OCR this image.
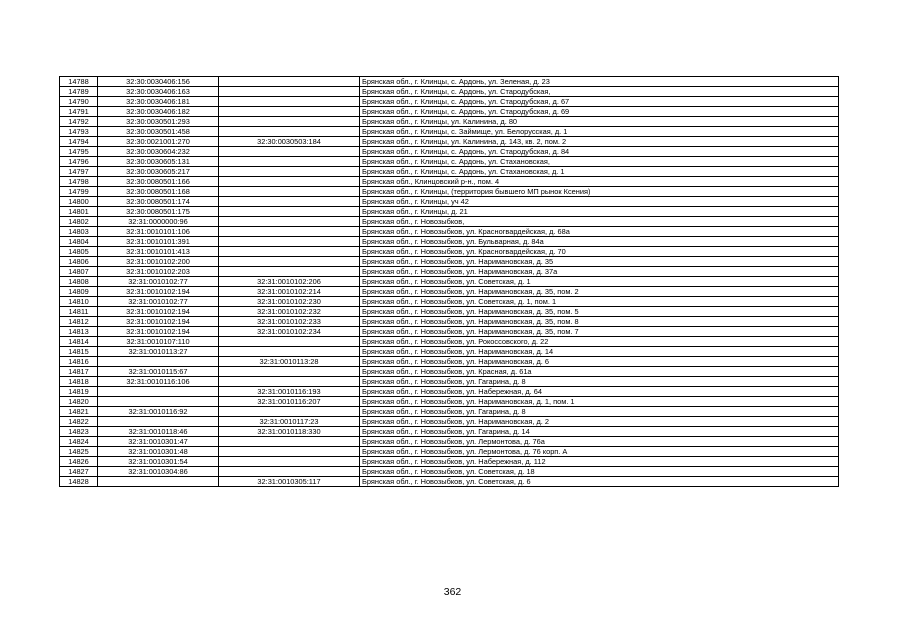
14788	32:30:0030406:156		Брянская обл., г. Клинцы, с. Ардонь, ул. Зеленая, д. 23
14789	32:30:0030406:163		Брянская обл., г. Клинцы, с. Ардонь, ул. Стародубская,
14790	32:30:0030406:181		Брянская обл., г. Клинцы, с. Ардонь, ул. Стародубская, д. 67
14791	32:30:0030406:182		Брянская обл., г. Клинцы, с. Ардонь, ул. Стародубская, д. 69
14792	32:30:0030501:293		Брянская обл., г. Клинцы, ул. Калинина, д. 80
14793	32:30:0030501:458		Брянская обл., г. Клинцы, с. Займище, ул. Белорусская, д. 1
14794	32:30:0021001:270	32:30:0030503:184	Брянская обл., г. Клинцы, ул. Калинина, д. 143, кв. 2, пом. 2
14795	32:30:0030604:232		Брянская обл., г. Клинцы, с. Ардонь, ул. Стародубская, д. 84
14796	32:30:0030605:131		Брянская обл., г. Клинцы, с. Ардонь, ул. Стахановская,
14797	32:30:0030605:217		Брянская обл., г. Клинцы, с. Ардонь, ул. Стахановская, д. 1
14798	32:30:0080501:166		Брянская обл., Клинцовский р-н., пом. 4
14799	32:30:0080501:168		Брянская обл., г. Клинцы, (территория бывшего МП рынок Ксения)
14800	32:30:0080501:174		Брянская обл., г. Клинцы, уч 42
14801	32:30:0080501:175		Брянская обл., г. Клинцы, д. 21
14802	32:31:0000000:96		Брянская обл., г. Новозыбков,
14803	32:31:0010101:106		Брянская обл., г. Новозыбков, ул. Красногвардейская, д. 68а
14804	32:31:0010101:391		Брянская обл., г. Новозыбков, ул. Бульварная, д. 84а
14805	32:31:0010101:413		Брянская обл., г. Новозыбков, ул. Красногвардейская, д. 70
14806	32:31:0010102:200		Брянская обл., г. Новозыбков, ул. Наримановская, д. 35
14807	32:31:0010102:203		Брянская обл., г. Новозыбков, ул. Наримановская, д. 37а
14808	32:31:0010102:77	32:31:0010102:206	Брянская обл., г. Новозыбков, ул. Советская, д. 1
14809	32:31:0010102:194	32:31:0010102:214	Брянская обл., г. Новозыбков, ул. Наримановская, д. 35, пом. 2
14810	32:31:0010102:77	32:31:0010102:230	Брянская обл., г. Новозыбков, ул. Советская, д. 1, пом. 1
14811	32:31:0010102:194	32:31:0010102:232	Брянская обл., г. Новозыбков, ул. Наримановская, д. 35, пом. 5
14812	32:31:0010102:194	32:31:0010102:233	Брянская обл., г. Новозыбков, ул. Наримановская, д. 35, пом. 8
14813	32:31:0010102:194	32:31:0010102:234	Брянская обл., г. Новозыбков, ул. Наримановская, д. 35, пом. 7
14814	32:31:0010107:110		Брянская обл., г. Новозыбков, ул. Рокоссовского, д. 22
14815	32:31:0010113:27		Брянская обл., г. Новозыбков, ул. Наримановская, д. 14
14816		32:31:0010113:28	Брянская обл., г. Новозыбков, ул. Наримановская, д. 6
14817	32:31:0010115:67		Брянская обл., г. Новозыбков, ул. Красная, д. 61а
14818	32:31:0010116:106		Брянская обл., г. Новозыбков, ул. Гагарина, д. 8
14819		32:31:0010116:193	Брянская обл., г. Новозыбков, ул. Набережная, д. 64
14820		32:31:0010116:207	Брянская обл., г. Новозыбков, ул. Наримановская, д. 1, пом. 1
14821	32:31:0010116:92		Брянская обл., г. Новозыбков, ул. Гагарина, д. 8
14822		32:31:0010117:23	Брянская обл., г. Новозыбков, ул. Наримановская, д. 2
14823	32:31:0010118:46	32:31:0010118:330	Брянская обл., г. Новозыбков, ул. Гагарина, д. 14
14824	32:31:0010301:47		Брянская обл., г. Новозыбков, ул. Лермонтова, д. 76а
14825	32:31:0010301:48		Брянская обл., г. Новозыбков, ул. Лермонтова, д. 76 корп. А
14826	32:31:0010301:54		Брянская обл., г. Новозыбков, ул. Набережная, д. 112
14827	32:31:0010304:86		Брянская обл., г. Новозыбков, ул. Советская, д. 18
14828		32:31:0010305:117	Брянская обл., г. Новозыбков, ул. Советская, д. 6
362
